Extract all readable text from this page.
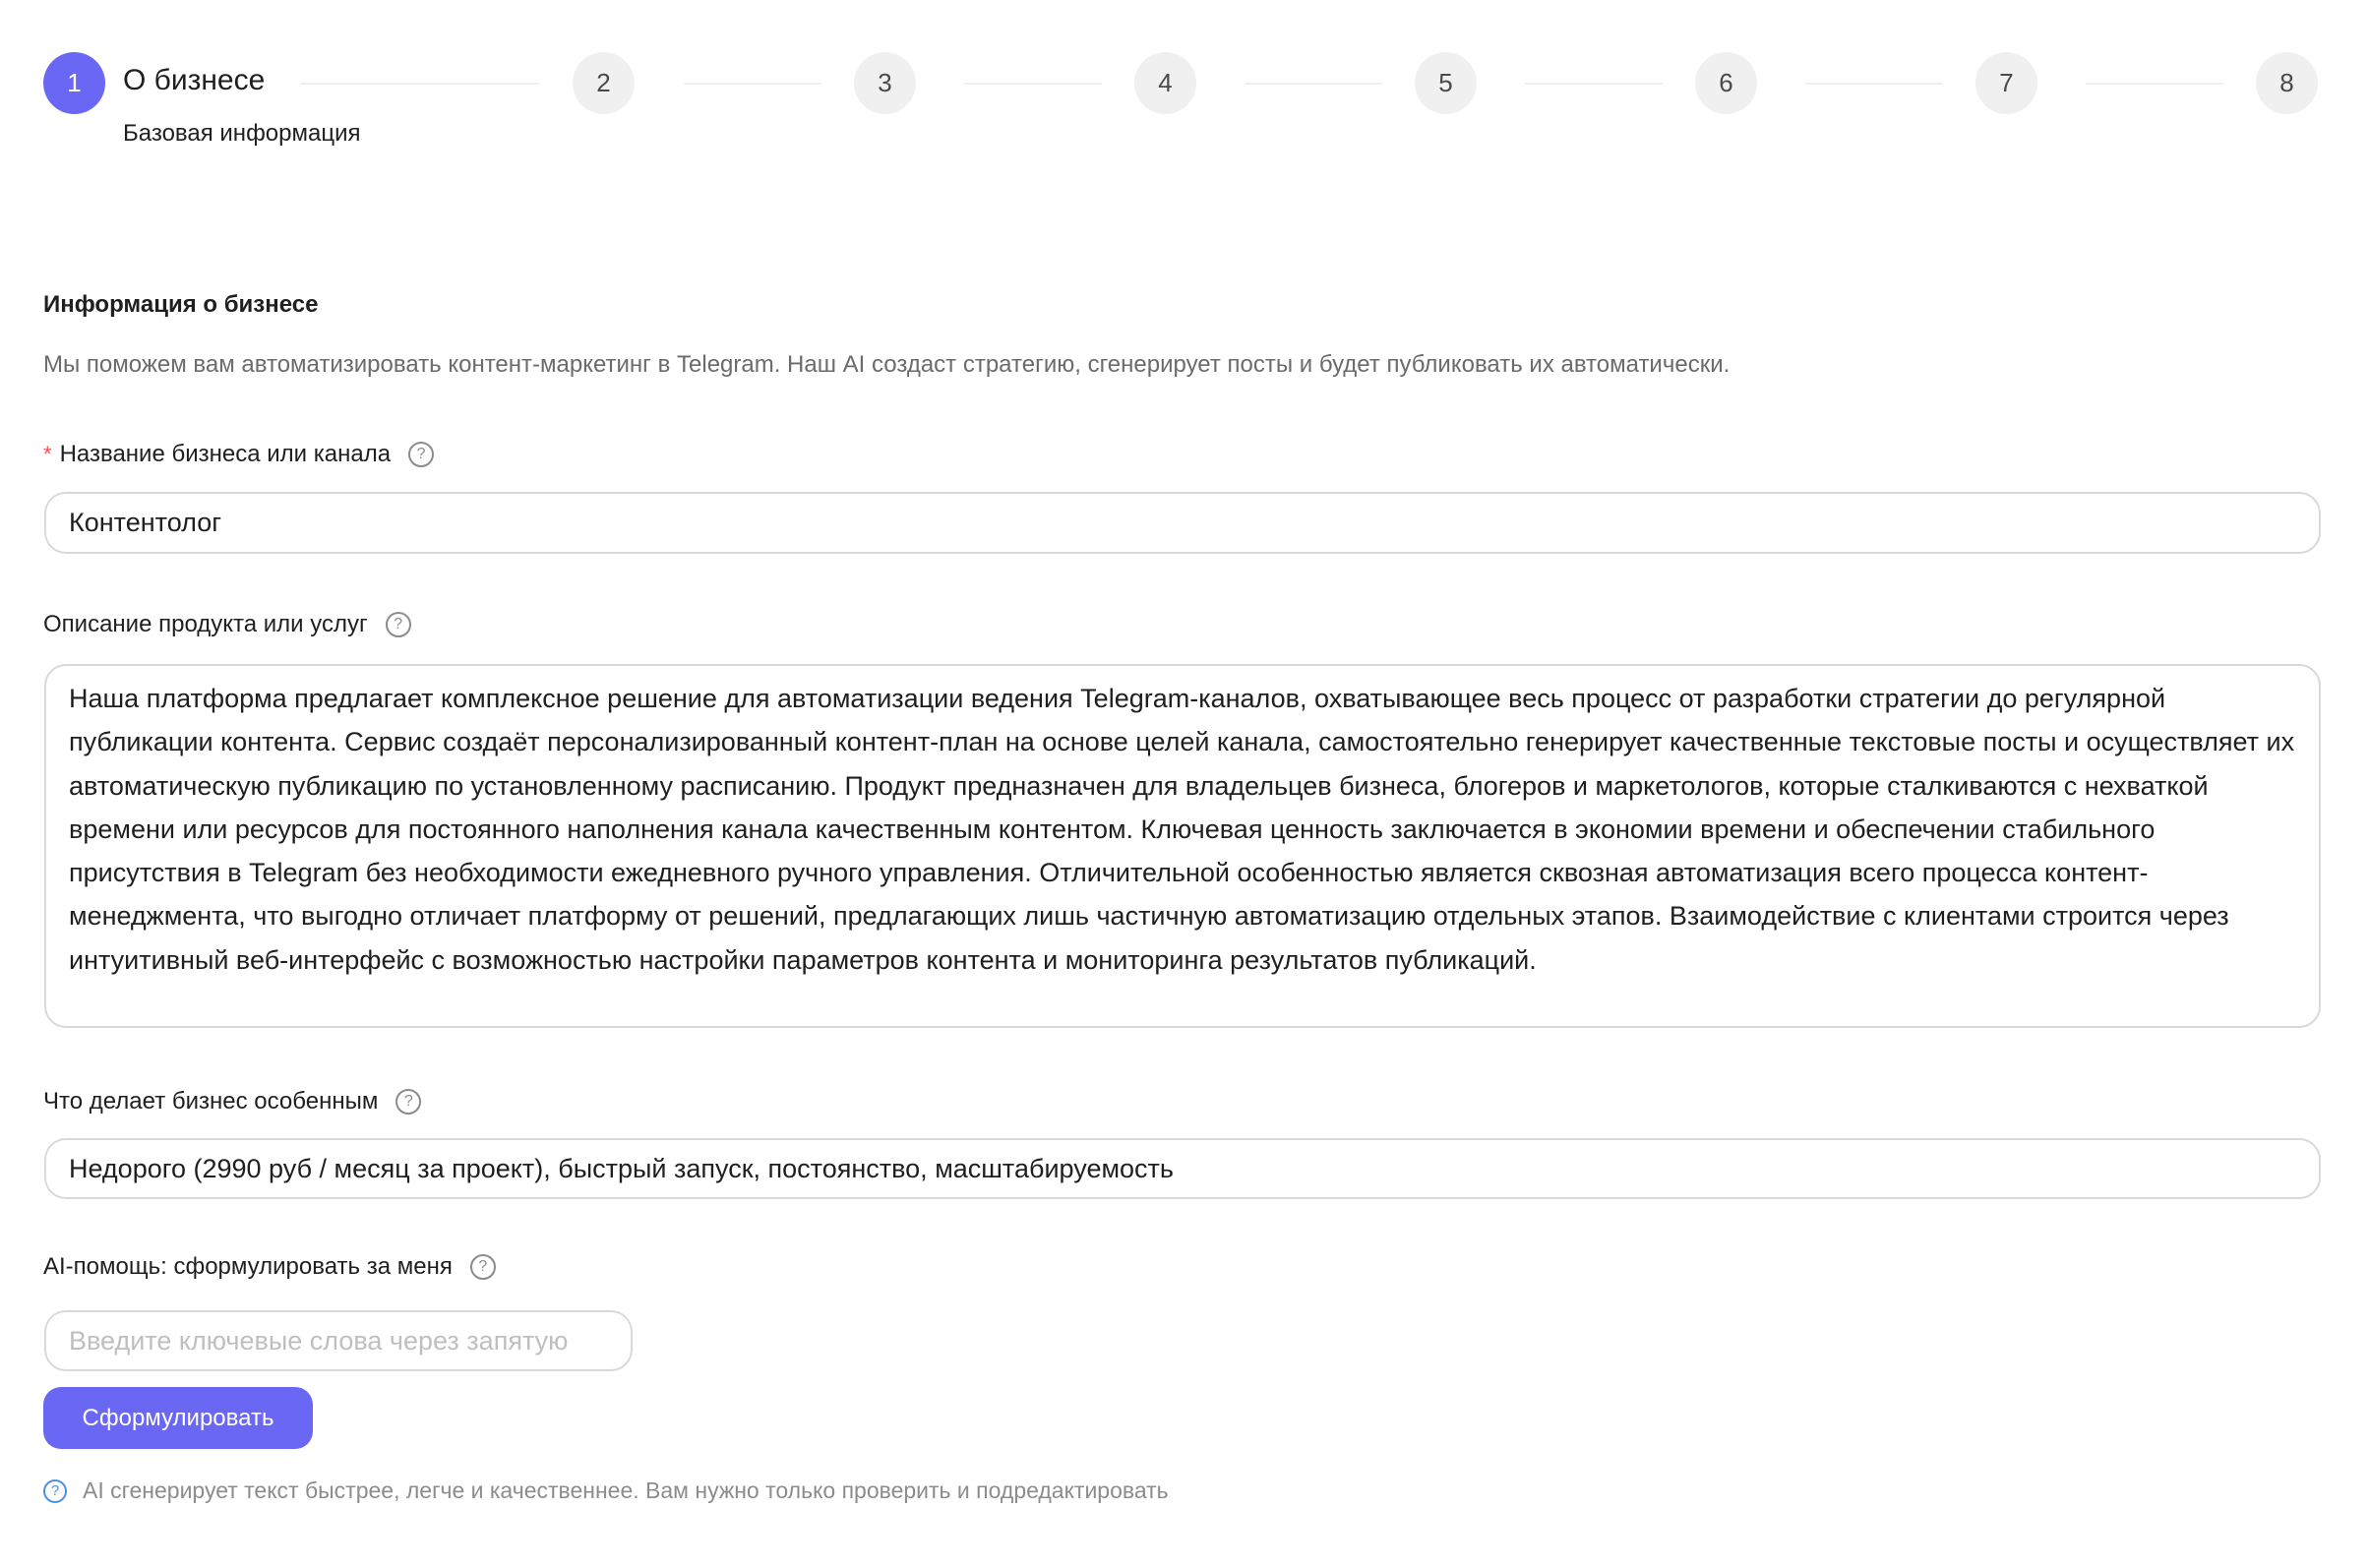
1	О бизнесе
Базовая информация
2	3	4	5	6	7	8
Информация о бизнесе
Мы поможем вам автоматизировать контент-маркетинг в Telegram. Наш AI создаст стратегию, сгенерирует посты и будет публиковать их автоматически.
* Название бизнеса или канала	?
Контентолог
Описание продукта или услуг	?
Наша платформа предлагает комплексное решение для автоматизации ведения Telegram-каналов, охватывающее весь процесс от разработки стратегии до регулярной публикации контента. Сервис создаёт персонализированный контент-план на основе целей канала, самостоятельно генерирует качественные текстовые посты и осуществляет их автоматическую публикацию по установленному расписанию. Продукт предназначен для владельцев бизнеса, блогеров и маркетологов, которые сталкиваются с нехваткой времени или ресурсов для постоянного наполнения канала качественным контентом. Ключевая ценность заключается в экономии времени и обеспечении стабильного присутствия в Telegram без необходимости ежедневного ручного управления. Отличительной особенностью является сквозная автоматизация всего процесса контент-менеджмента, что выгодно отличает платформу от решений, предлагающих лишь частичную автоматизацию отдельных этапов. Взаимодействие с клиентами строится через интуитивный веб-интерфейс с возможностью настройки параметров контента и мониторинга результатов публикаций.
Что делает бизнес особенным	?
Недорого (2990 руб / месяц за проект), быстрый запуск, постоянство, масштабируемость
AI-помощь: сформулировать за меня	?
Введите ключевые слова через запятую
Сформулировать
?	AI сгенерирует текст быстрее, легче и качественнее. Вам нужно только проверить и подредактировать
